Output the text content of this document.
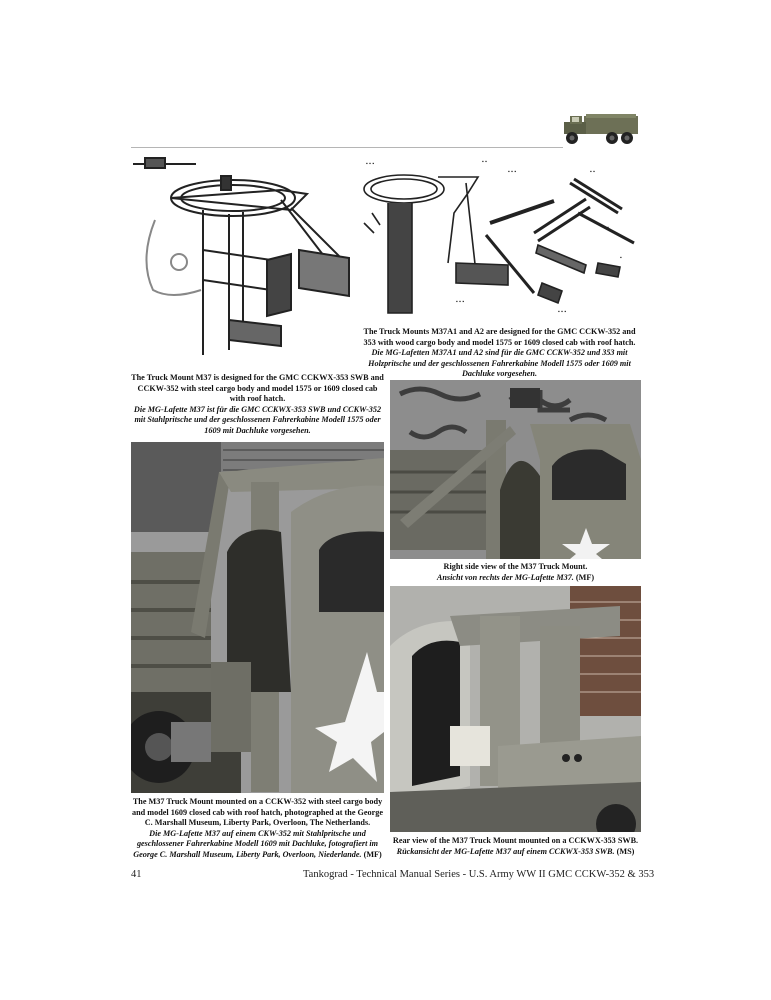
▪ ▪ ▪	▪ ▪
▪ ▪ ▪	▪ ▪
▪ ▪
▪ ▪ ▪
▪ ▪ ▪
▪
The Truck Mounts M37A1 and A2 are designed for the GMC CCKW-352 and 353 with wood cargo body and model 1575 or 1609 closed cab with roof hatch.
Die MG-Lafetten M37A1 und A2 sind für die GMC CCKW-352 und 353 mit Holzpritsche und der geschlossenen Fahrerkabine Modell 1575 oder 1609 mit Dachluke vorgesehen.
The Truck Mount M37 is designed for the GMC CCKWX-353 SWB and CCKW-352 with steel cargo body and model 1575 or 1609 closed cab with roof hatch.
Die MG-Lafette M37 ist für die GMC CCKWX-353 SWB und CCKW-352 mit Stahlpritsche und der geschlossenen Fahrerkabine Modell 1575 oder 1609 mit Dachluke vorgesehen.
Right side view of the M37 Truck Mount.
Ansicht von rechts der MG-Lafette M37. (MF)
The M37 Truck Mount mounted on a CCKW-352 with steel cargo body and model 1609 closed cab with roof hatch, photographed at the George C. Marshall Museum, Liberty Park, Overloon, The Netherlands.
Die MG-Lafette M37 auf einem CKW-352 mit Stahlpritsche und geschlossener Fahrerkabine Modell 1609 mit Dachluke, fotografiert im George C. Marshall Museum, Liberty Park, Overloon, Niederlande. (MF)
Rear view of the M37 Truck Mount mounted on a CCKWX-353 SWB.
Rückansicht der MG-Lafette M37 auf einem CCKWX-353 SWB. (MS)
41	Tankograd - Technical Manual Series - U.S. Army WW II GMC CCKW-352 & 353
